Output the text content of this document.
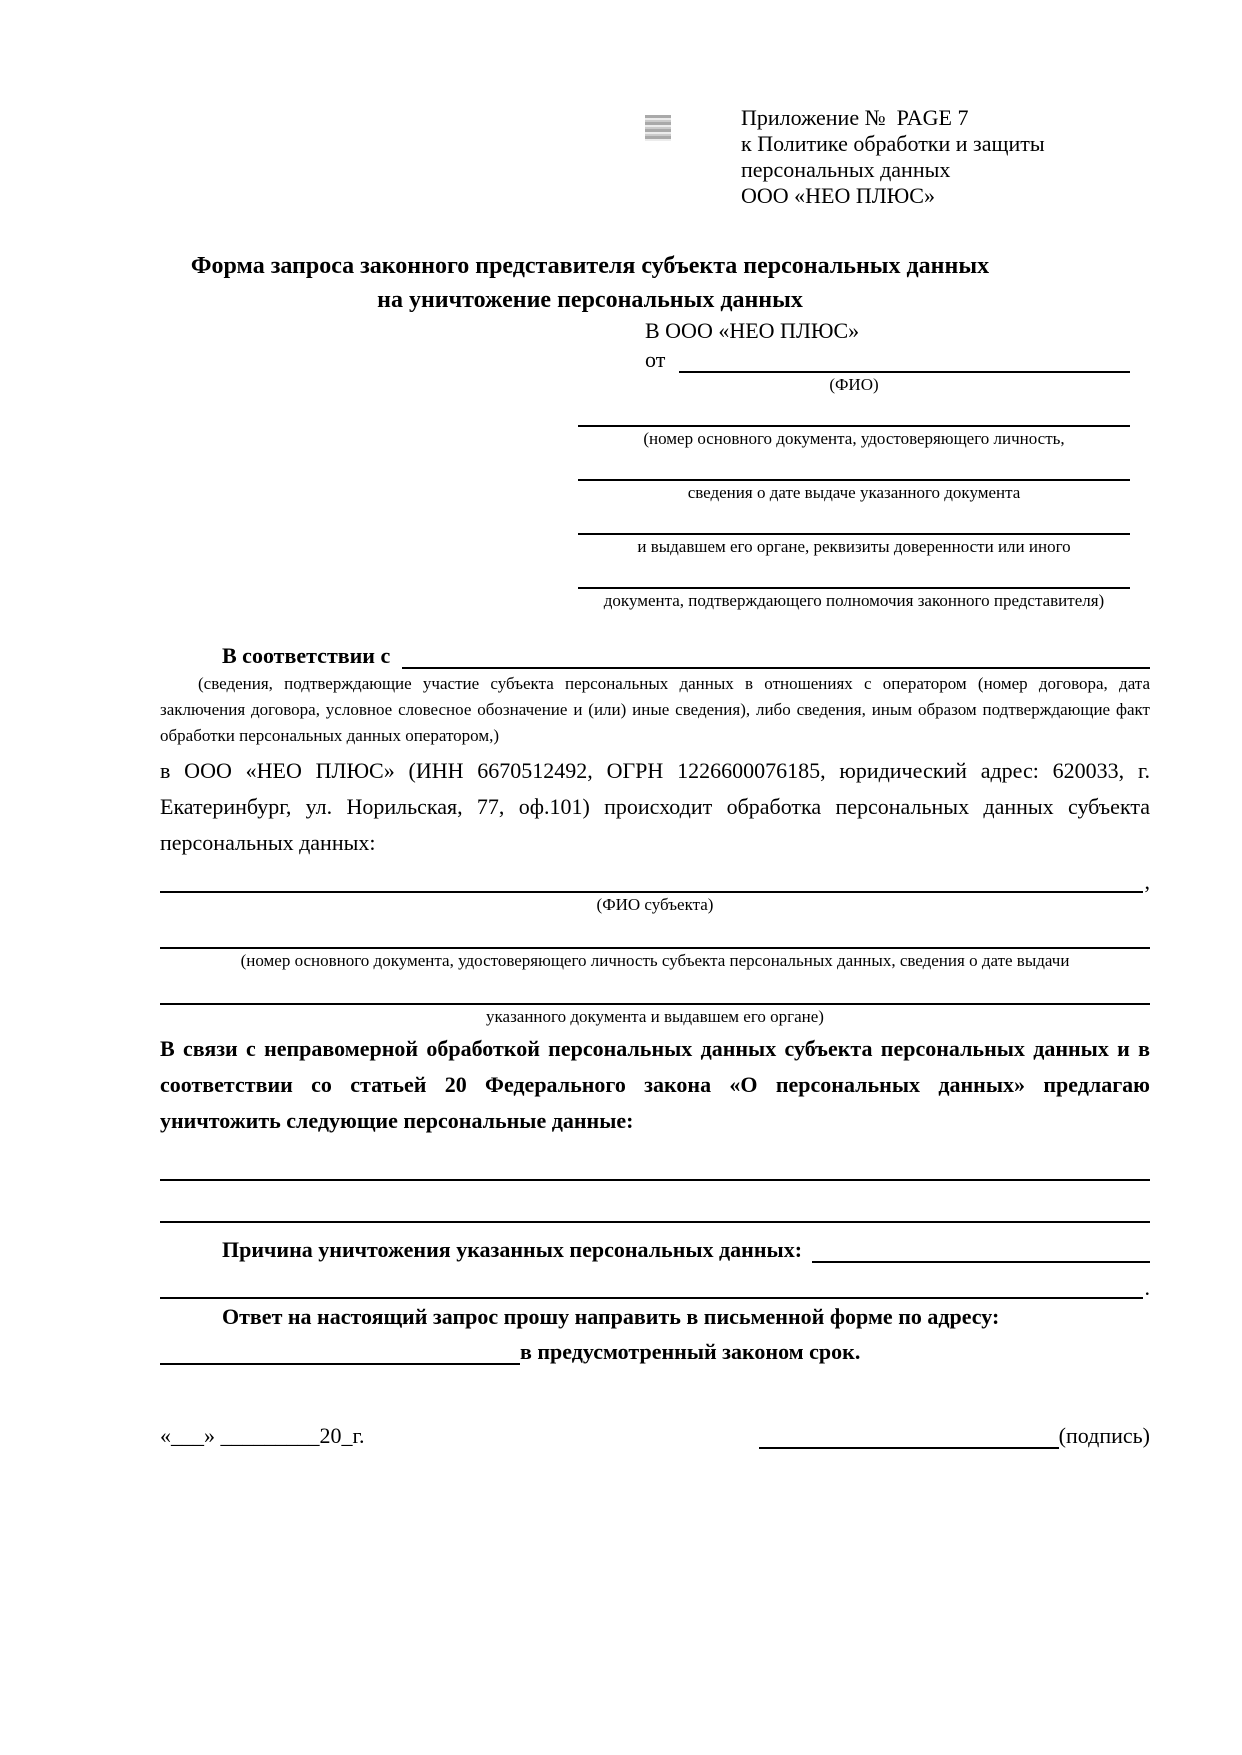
Приложение №  PAGE 7
к Политике обработки и защиты
персональных данных
ООО «НЕО ПЛЮС»
Форма запроса законного представителя субъекта персональных данных
на уничтожение персональных данных
В ООО «НЕО ПЛЮС»
от
(ФИО)
(номер основного документа, удостоверяющего личность,
сведения о дате выдаче указанного документа
и выдавшем его органе, реквизиты доверенности или иного
документа, подтверждающего полномочия законного представителя)
В соответствии с
(сведения, подтверждающие участие субъекта персональных данных в отношениях с оператором (номер договора, дата заключения договора, условное словесное обозначение и (или) иные сведения), либо сведения, иным образом подтверждающие факт обработки персональных данных оператором,)

в ООО «НЕО ПЛЮС» (ИНН 6670512492, ОГРН 1226600076185, юридический адрес: 620033, г. Екатеринбург, ул. Норильская, 77, оф.101) происходит обработка персональных данных субъекта персональных данных:

,
(ФИО субъекта)
(номер основного документа, удостоверяющего личность субъекта персональных данных, сведения о дате выдачи
указанного документа и выдавшем его органе)

В связи с неправомерной обработкой персональных данных субъекта персональных данных и в соответствии со статьей 20 Федерального закона «О персональных данных» предлагаю уничтожить следующие персональные данные:

Причина уничтожения указанных персональных данных:
.
Ответ на настоящий запрос прошу направить в письменной форме по адресу:
в предусмотренный законом срок.
«___» _________20_г.	(подпись)
